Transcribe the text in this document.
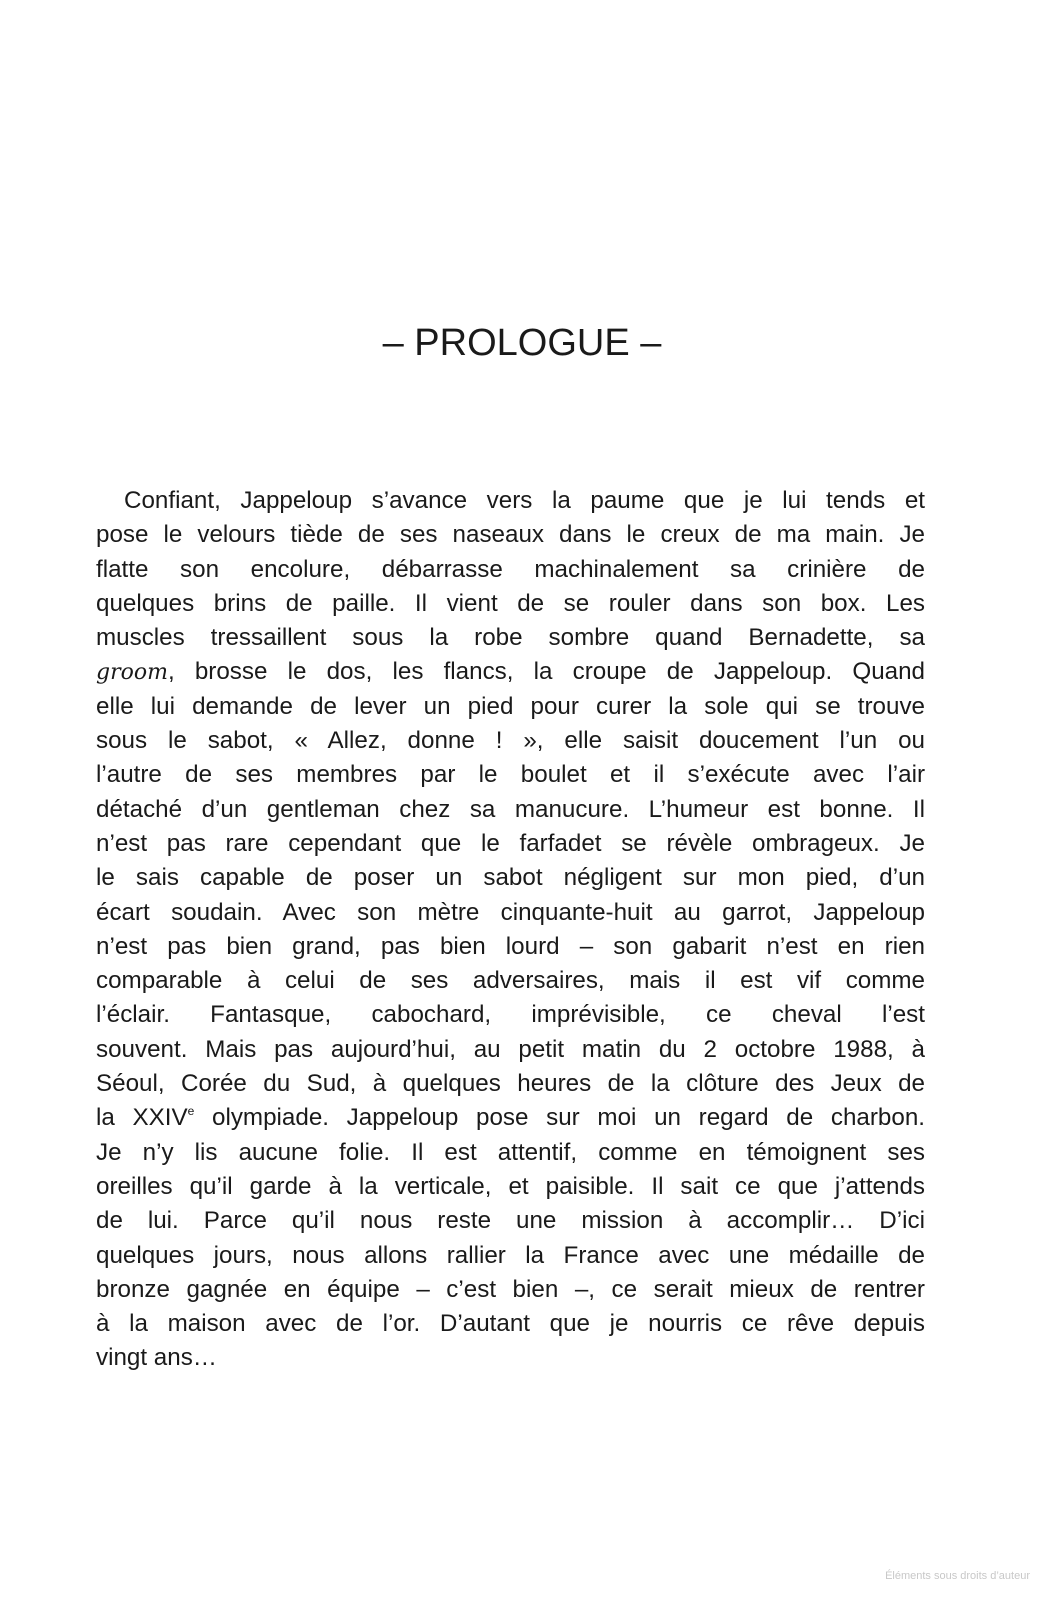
– PROLOGUE –
Confiant, Jappeloup s’avance vers la paume que je lui tends et
pose le velours tiède de ses naseaux dans le creux de ma main. Je
flatte son encolure, débarrasse machinalement sa crinière de
quelques brins de paille. Il vient de se rouler dans son box. Les
muscles tressaillent sous la robe sombre quand Bernadette, sa
groom, brosse le dos, les flancs, la croupe de Jappeloup. Quand
elle lui demande de lever un pied pour curer la sole qui se trouve
sous le sabot, « Allez, donne ! », elle saisit doucement l’un ou
l’autre de ses membres par le boulet et il s’exécute avec l’air
détaché d’un gentleman chez sa manucure. L’humeur est bonne. Il
n’est pas rare cependant que le farfadet se révèle ombrageux. Je
le sais capable de poser un sabot négligent sur mon pied, d’un
écart soudain. Avec son mètre cinquante-huit au garrot, Jappeloup
n’est pas bien grand, pas bien lourd – son gabarit n’est en rien
comparable à celui de ses adversaires, mais il est vif comme
l’éclair. Fantasque, cabochard, imprévisible, ce cheval l’est
souvent. Mais pas aujourd’hui, au petit matin du 2 octobre 1988, à
Séoul, Corée du Sud, à quelques heures de la clôture des Jeux de
la XXIVe olympiade. Jappeloup pose sur moi un regard de charbon.
Je n’y lis aucune folie. Il est attentif, comme en témoignent ses
oreilles qu’il garde à la verticale, et paisible. Il sait ce que j’attends
de lui. Parce qu’il nous reste une mission à accomplir… D’ici
quelques jours, nous allons rallier la France avec une médaille de
bronze gagnée en équipe – c’est bien –, ce serait mieux de rentrer
à la maison avec de l’or. D’autant que je nourris ce rêve depuis
vingt ans…
Éléments sous droits d’auteur
